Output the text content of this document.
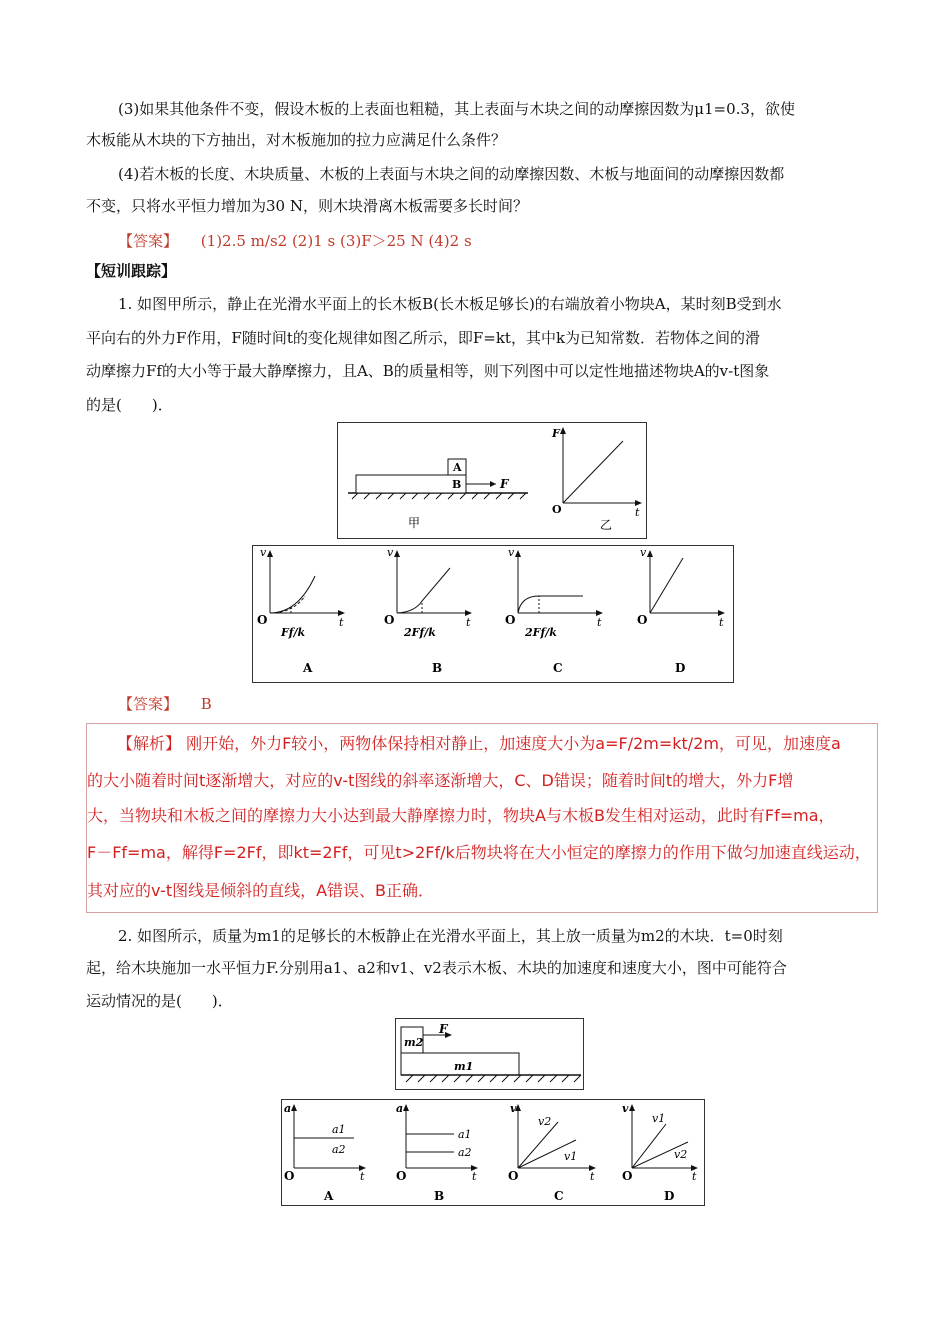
(3)如果其他条件不变，假设木板的上表面也粗糙，其上表面与木块之间的动摩擦因数为μ1=0.3，欲使
木板能从木块的下方抽出，对木板施加的拉力应满足什么条件？
(4)若木板的长度、木块质量、木板的上表面与木块之间的动摩擦因数、木板与地面间的动摩擦因数都
不变，只将水平恒力增加为30 N，则木块滑离木板需要多长时间？
【答案】 (1)2.5 m/s2 (2)1 s (3)F＞25 N (4)2 s
【短训跟踪】
1. 如图甲所示，静止在光滑水平面上的长木板B(长木板足够长)的右端放着小物块A，某时刻B受到水
平向右的外力F作用，F随时间t的变化规律如图乙所示，即F=kt，其中k为已知常数．若物体之间的滑
动摩擦力Ff的大小等于最大静摩擦力，且A、B的质量相等，则下列图中可以定性地描述物块A的v-t图象
的是(　　)．
A
B	F
甲
F
t
O
乙
v
t
O
Ff/k
A
v
t
O
2Ff/k
B
v
t
O
2Ff/k
C
v
t
O
D
【答案】 B
【解析】 刚开始，外力F较小，两物体保持相对静止，加速度大小为a=F/2m=kt/2m，可见，加速度a
的大小随着时间t逐渐增大，对应的v-t图线的斜率逐渐增大，C、D错误；随着时间t的增大，外力F增
大，当物块和木板之间的摩擦力大小达到最大静摩擦力时，物块A与木板B发生相对运动，此时有Ff=ma，
F－Ff=ma，解得F=2Ff，即kt=2Ff，可见t>2Ff/k后物块将在大小恒定的摩擦力的作用下做匀加速直线运动，
其对应的v-t图线是倾斜的直线，A错误、B正确．
2. 如图所示，质量为m1的足够长的木板静止在光滑水平面上，其上放一质量为m2的木块．t=0时刻
起，给木块施加一水平恒力F.分别用a1、a2和v1、v2表示木板、木块的加速度和速度大小，图中可能符合
运动情况的是(　　)．
m2
F
m1
a
t
O
a1
a2
A
a
t
O
a1
a2
B
v
t
O
v2
v1
C
v
t
O
v1
v2
D
